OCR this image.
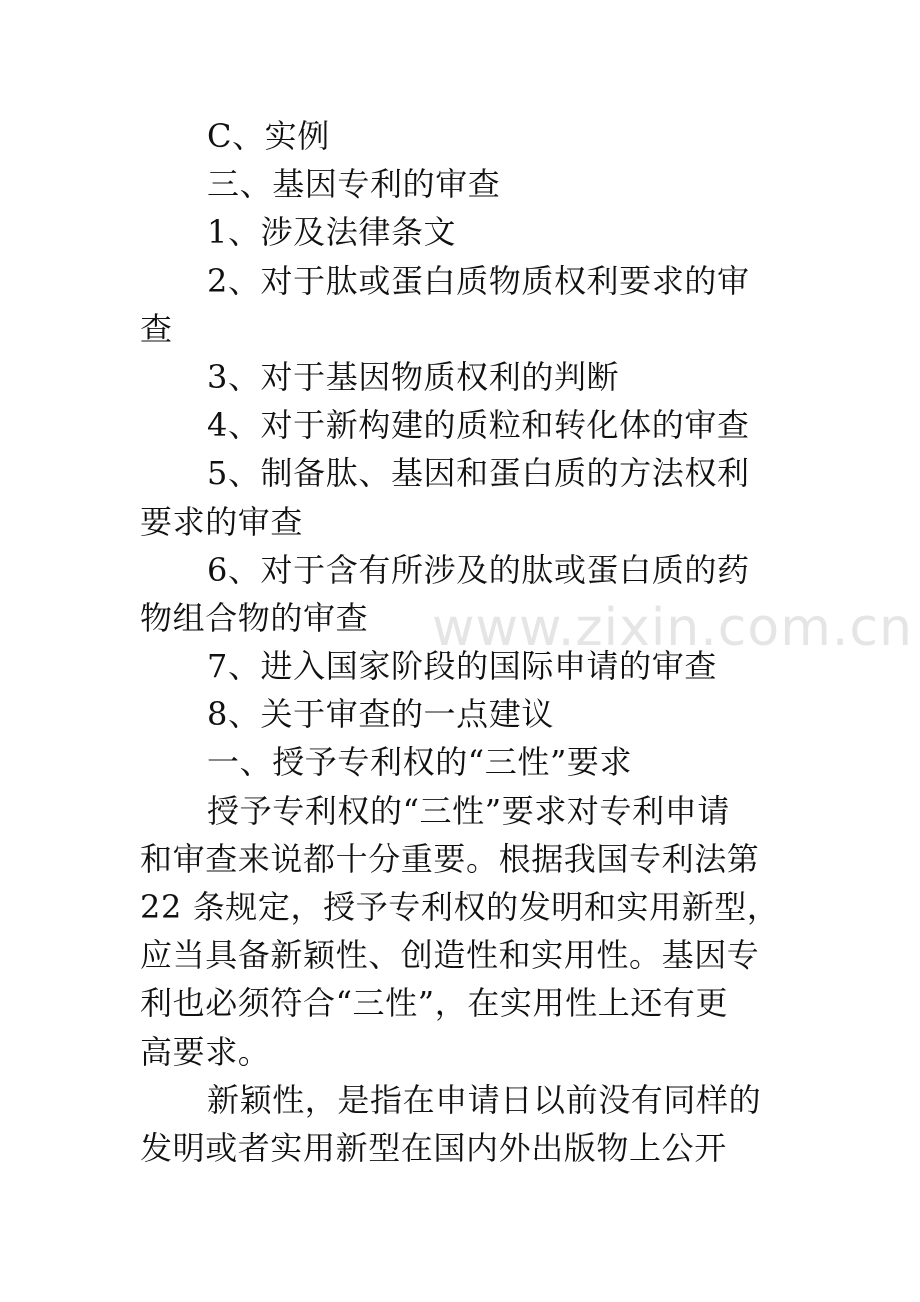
C、实例
三、基因专利的审查
1、涉及法律条文
2、对于肽或蛋白质物质权利要求的审
查
3、对于基因物质权利的判断
4、对于新构建的质粒和转化体的审查
5、制备肽、基因和蛋白质的方法权利
要求的审查
6、对于含有所涉及的肽或蛋白质的药
物组合物的审查
7、进入国家阶段的国际申请的审查
8、关于审查的一点建议
一、授予专利权的“三性”要求
授予专利权的“三性”要求对专利申请
和审查来说都十分重要。根据我国专利法第
22 条规定，授予专利权的发明和实用新型，
应当具备新颖性、创造性和实用性。基因专
利也必须符合“三性”，在实用性上还有更
高要求。
新颖性，是指在申请日以前没有同样的
发明或者实用新型在国内外出版物上公开
www.zixin.com.cn
